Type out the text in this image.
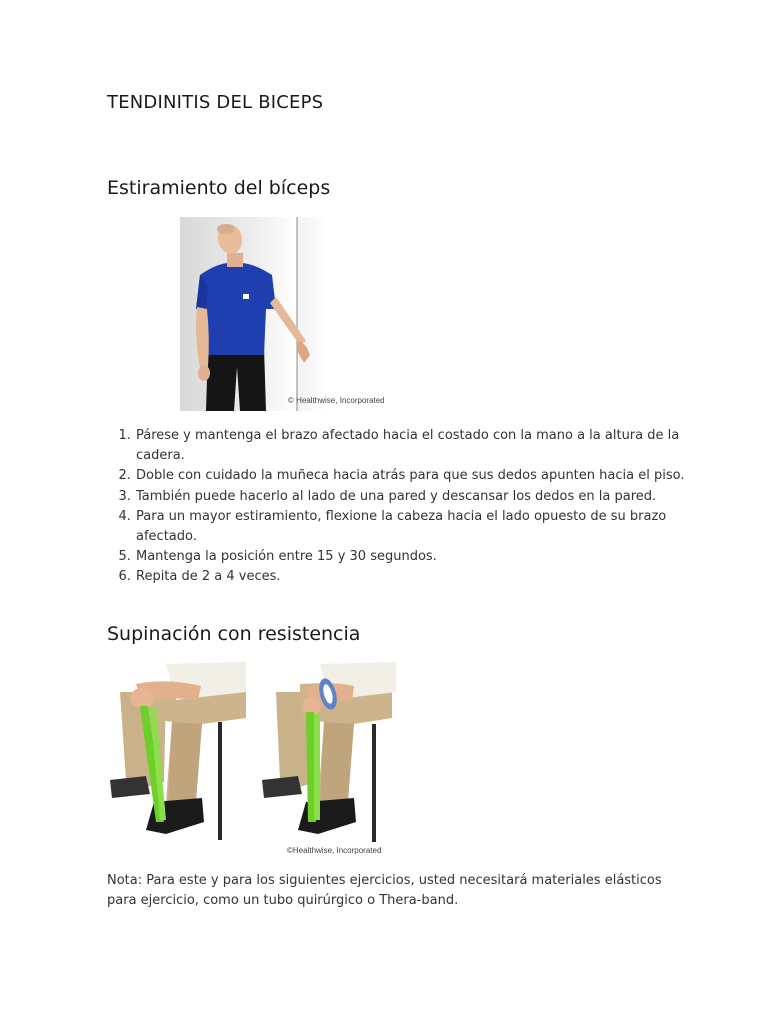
TENDINITIS DEL BICEPS
Estiramiento del bíceps
© Healthwise, Incorporated
1. Párese y mantenga el brazo afectado hacia el costado con la mano a la altura de la cadera.
2. Doble con cuidado la muñeca hacia atrás para que sus dedos apunten hacia el piso.
3. También puede hacerlo al lado de una pared y descansar los dedos en la pared.
4. Para un mayor estiramiento, flexione la cabeza hacia el lado opuesto de su brazo afectado.
5. Mantenga la posición entre 15 y 30 segundos.
6. Repita de 2 a 4 veces.
Supinación con resistencia
©Healthwise, Incorporated
Nota: Para este y para los siguientes ejercicios, usted necesitará materiales elásticos para ejercicio, como un tubo quirúrgico o Thera-band.
